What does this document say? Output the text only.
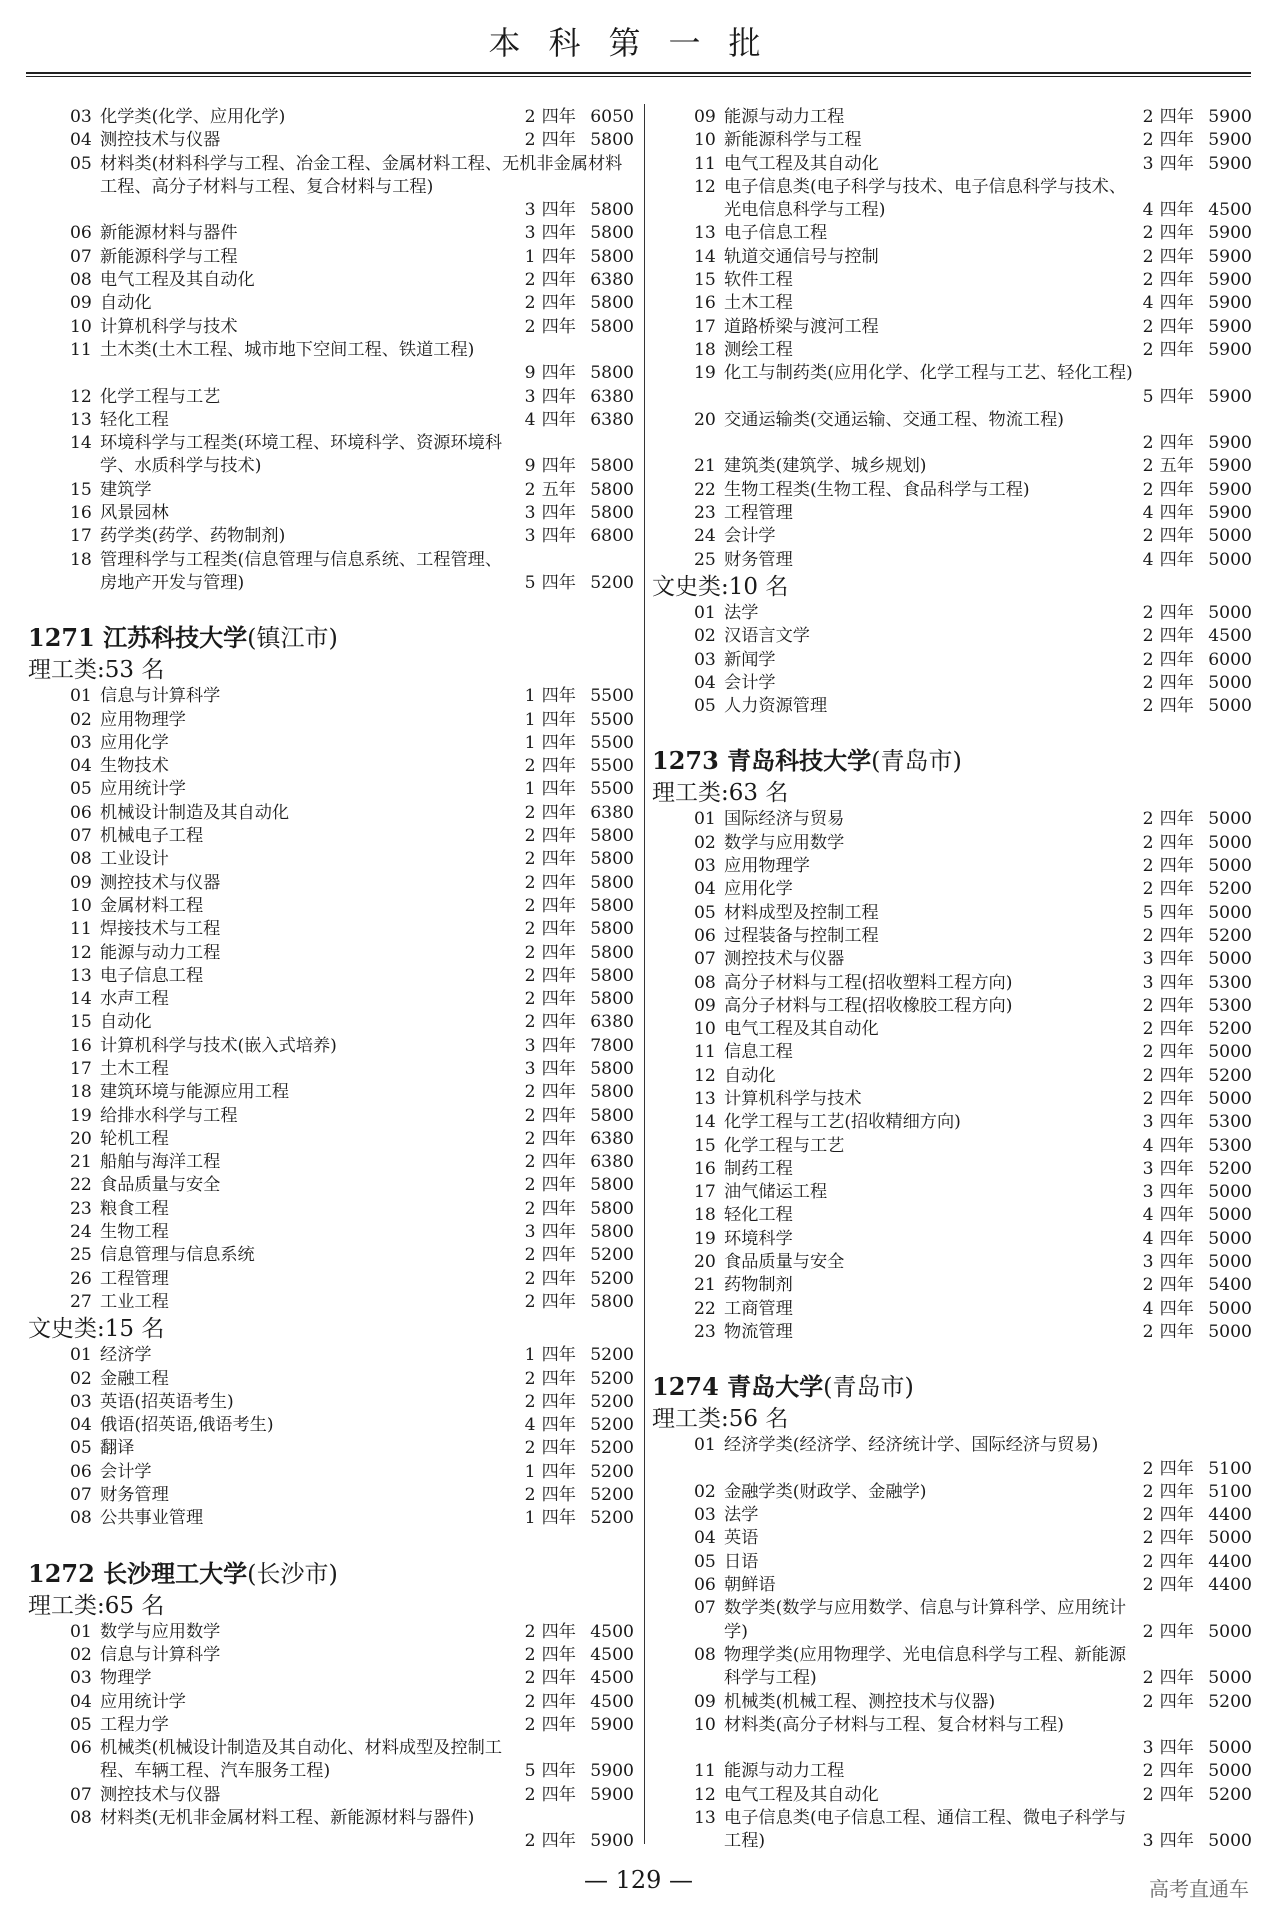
本科第一批
03 化学类(化学、应用化学)	2 四年 6050
04 测控技术与仪器	2 四年 5800
05 材料类(材料科学与工程、冶金工程、金属材料工程、无机非金属材料工程、高分子材料与工程、复合材料与工程)
3 四年 5800
06 新能源材料与器件	3 四年 5800
07 新能源科学与工程	1 四年 5800
08 电气工程及其自动化	2 四年 6380
09 自动化	2 四年 5800
10 计算机科学与技术	2 四年 5800
11 土木类(土木工程、城市地下空间工程、铁道工程)
9 四年 5800
12 化学工程与工艺	3 四年 6380
13 轻化工程	4 四年 6380
14 环境科学与工程类(环境工程、环境科学、资源环境科学、水质科学与技术)	9 四年 5800
15 建筑学	2 五年 5800
16 风景园林	3 四年 5800
17 药学类(药学、药物制剂)	3 四年 6800
18 管理科学与工程类(信息管理与信息系统、工程管理、房地产开发与管理)	5 四年 5200
1271 江苏科技大学(镇江市)
理工类:53 名
01 信息与计算科学	1 四年 5500
02 应用物理学	1 四年 5500
03 应用化学	1 四年 5500
04 生物技术	2 四年 5500
05 应用统计学	1 四年 5500
06 机械设计制造及其自动化	2 四年 6380
07 机械电子工程	2 四年 5800
08 工业设计	2 四年 5800
09 测控技术与仪器	2 四年 5800
10 金属材料工程	2 四年 5800
11 焊接技术与工程	2 四年 5800
12 能源与动力工程	2 四年 5800
13 电子信息工程	2 四年 5800
14 水声工程	2 四年 5800
15 自动化	2 四年 6380
16 计算机科学与技术(嵌入式培养)	3 四年 7800
17 土木工程	3 四年 5800
18 建筑环境与能源应用工程	2 四年 5800
19 给排水科学与工程	2 四年 5800
20 轮机工程	2 四年 6380
21 船舶与海洋工程	2 四年 6380
22 食品质量与安全	2 四年 5800
23 粮食工程	2 四年 5800
24 生物工程	3 四年 5800
25 信息管理与信息系统	2 四年 5200
26 工程管理	2 四年 5200
27 工业工程	2 四年 5800
文史类:15 名
01 经济学	1 四年 5200
02 金融工程	2 四年 5200
03 英语(招英语考生)	2 四年 5200
04 俄语(招英语,俄语考生)	4 四年 5200
05 翻译	2 四年 5200
06 会计学	1 四年 5200
07 财务管理	2 四年 5200
08 公共事业管理	1 四年 5200
1272 长沙理工大学(长沙市)
理工类:65 名
01 数学与应用数学	2 四年 4500
02 信息与计算科学	2 四年 4500
03 物理学	2 四年 4500
04 应用统计学	2 四年 4500
05 工程力学	2 四年 5900
06 机械类(机械设计制造及其自动化、材料成型及控制工程、车辆工程、汽车服务工程)	5 四年 5900
07 测控技术与仪器	2 四年 5900
08 材料类(无机非金属材料工程、新能源材料与器件)
2 四年 5900
09 能源与动力工程	2 四年 5900
10 新能源科学与工程	2 四年 5900
11 电气工程及其自动化	3 四年 5900
12 电子信息类(电子科学与技术、电子信息科学与技术、光电信息科学与工程)	4 四年 4500
13 电子信息工程	2 四年 5900
14 轨道交通信号与控制	2 四年 5900
15 软件工程	2 四年 5900
16 土木工程	4 四年 5900
17 道路桥梁与渡河工程	2 四年 5900
18 测绘工程	2 四年 5900
19 化工与制药类(应用化学、化学工程与工艺、轻化工程)
5 四年 5900
20 交通运输类(交通运输、交通工程、物流工程)
2 四年 5900
21 建筑类(建筑学、城乡规划)	2 五年 5900
22 生物工程类(生物工程、食品科学与工程)	2 四年 5900
23 工程管理	4 四年 5900
24 会计学	2 四年 5000
25 财务管理	4 四年 5000
文史类:10 名
01 法学	2 四年 5000
02 汉语言文学	2 四年 4500
03 新闻学	2 四年 6000
04 会计学	2 四年 5000
05 人力资源管理	2 四年 5000
1273 青岛科技大学(青岛市)
理工类:63 名
01 国际经济与贸易	2 四年 5000
02 数学与应用数学	2 四年 5000
03 应用物理学	2 四年 5000
04 应用化学	2 四年 5200
05 材料成型及控制工程	5 四年 5000
06 过程装备与控制工程	2 四年 5200
07 测控技术与仪器	3 四年 5000
08 高分子材料与工程(招收塑料工程方向)	3 四年 5300
09 高分子材料与工程(招收橡胶工程方向)	2 四年 5300
10 电气工程及其自动化	2 四年 5200
11 信息工程	2 四年 5000
12 自动化	2 四年 5200
13 计算机科学与技术	2 四年 5000
14 化学工程与工艺(招收精细方向)	3 四年 5300
15 化学工程与工艺	4 四年 5300
16 制药工程	3 四年 5200
17 油气储运工程	3 四年 5000
18 轻化工程	4 四年 5000
19 环境科学	4 四年 5000
20 食品质量与安全	3 四年 5000
21 药物制剂	2 四年 5400
22 工商管理	4 四年 5000
23 物流管理	2 四年 5000
1274 青岛大学(青岛市)
理工类:56 名
01 经济学类(经济学、经济统计学、国际经济与贸易)
2 四年 5100
02 金融学类(财政学、金融学)	2 四年 5100
03 法学	2 四年 4400
04 英语	2 四年 5000
05 日语	2 四年 4400
06 朝鲜语	2 四年 4400
07 数学类(数学与应用数学、信息与计算科学、应用统计学)	2 四年 5000
08 物理学类(应用物理学、光电信息科学与工程、新能源科学与工程)	2 四年 5000
09 机械类(机械工程、测控技术与仪器)	2 四年 5200
10 材料类(高分子材料与工程、复合材料与工程)
3 四年 5000
11 能源与动力工程	2 四年 5000
12 电气工程及其自动化	2 四年 5200
13 电子信息类(电子信息工程、通信工程、微电子科学与工程)	3 四年 5000
— 129 —	高考直通车
